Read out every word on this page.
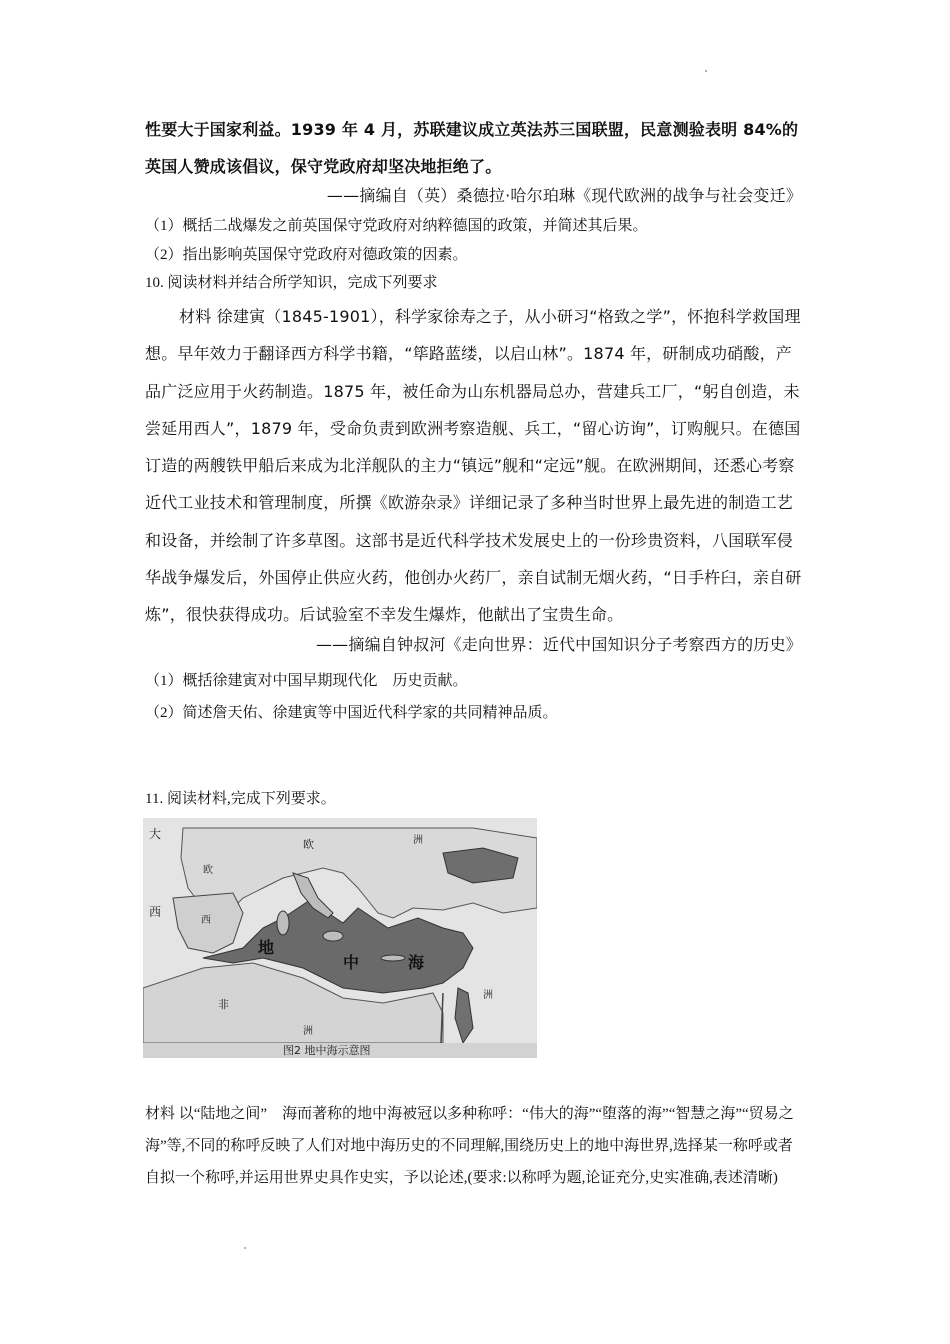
性要大于国家利益。1939 年 4 月，苏联建议成立英法苏三国联盟，民意测验表明 84%的英国人赞成该倡议，保守党政府却坚决地拒绝了。

——摘编自（英）桑德拉·哈尔珀琳《现代欧洲的战争与社会变迁》

（1）概括二战爆发之前英国保守党政府对纳粹德国的政策，并简述其后果。

（2）指出影响英国保守党政府对德政策的因素。

10. 阅读材料并结合所学知识，完成下列要求

材料 徐建寅（1845-1901），科学家徐寿之子，从小研习“格致之学”，怀抱科学救国理想。早年效力于翻译西方科学书籍，“筚路蓝缕，以启山林”。1874 年，研制成功硝酸，产品广泛应用于火药制造。1875 年，被任命为山东机器局总办，营建兵工厂，“躬自创造，未尝延用西人”，1879 年，受命负责到欧洲考察造舰、兵工，“留心访询”，订购舰只。在德国订造的两艘铁甲船后来成为北洋舰队的主力“镇远”舰和“定远”舰。在欧洲期间，还悉心考察近代工业技术和管理制度，所撰《欧游杂录》详细记录了多种当时世界上最先进的制造工艺和设备，并绘制了许多草图。这部书是近代科学技术发展史上的一份珍贵资料，八国联军侵华战争爆发后，外国停止供应火药，他创办火药厂，亲自试制无烟火药，“日手杵臼，亲自研炼”，很快获得成功。后试验室不幸发生爆炸，他献出了宝贵生命。

——摘编自钟叔河《走向世界：近代中国知识分子考察西方的历史》

（1）概括徐建寅对中国早期现代化　历史贡献。

（2）简述詹天佑、徐建寅等中国近代科学家的共同精神品质。

11. 阅读材料,完成下列要求。

大
西
欧
欧	洲
西
地
中	海
非
洲
洲
图2 地中海示意图

材料 以“陆地之间”　海而著称的地中海被冠以多种称呼：“伟大的海”“堕落的海”“智慧之海”“贸易之海”等,不同的称呼反映了人们对地中海历史的不同理解,围绕历史上的地中海世界,选择某一称呼或者自拟一个称呼,并运用世界史具作史实，予以论述,(要求:以称呼为题,论证充分,史实准确,表述清晰)
